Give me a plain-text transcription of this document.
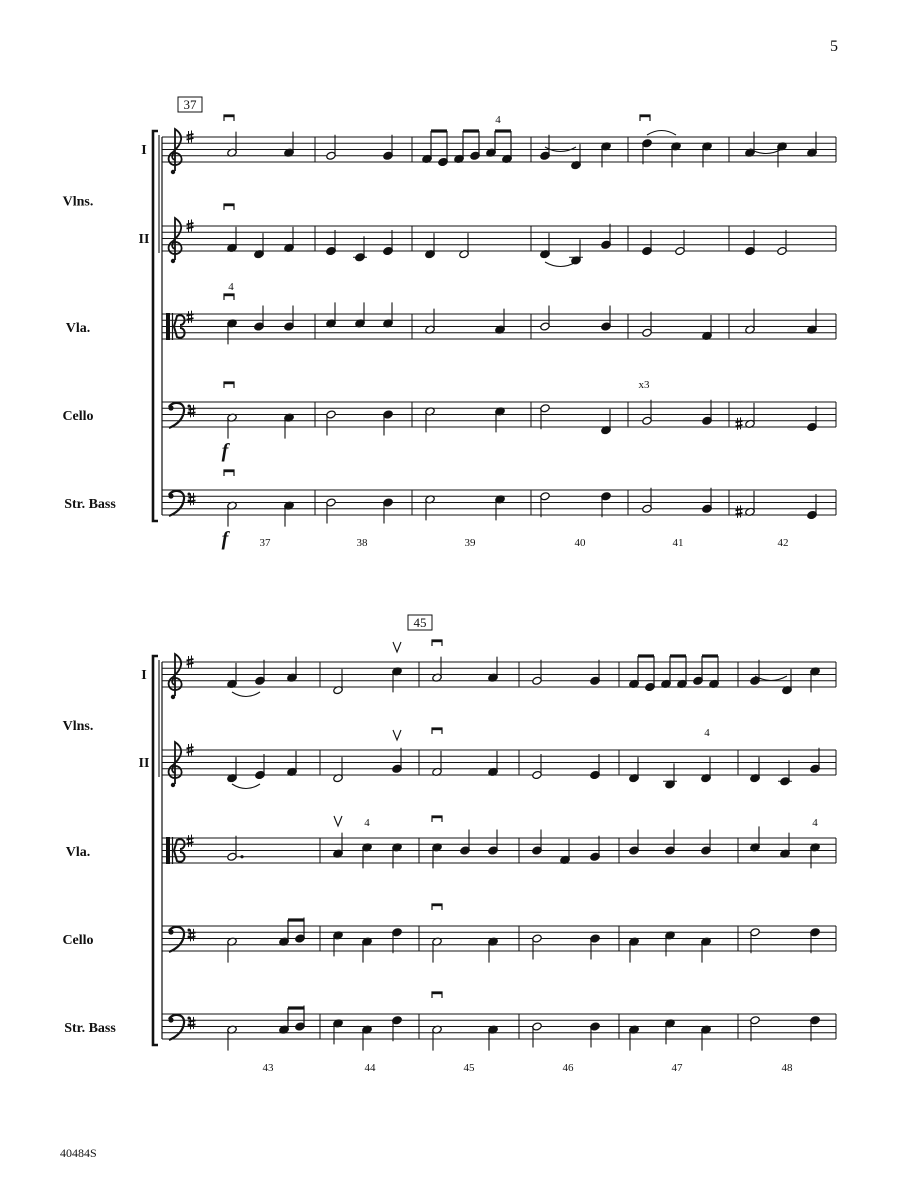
5
40484S
I
II
Vlns.
Vla.
Cello
Str. Bass
37
37	38	39	40	41	42
I
II
Vlns.
Vla.
Cello
Str. Bass
45
43	44	45	46	47	48
4
4
x3
f
f
4
4	4
